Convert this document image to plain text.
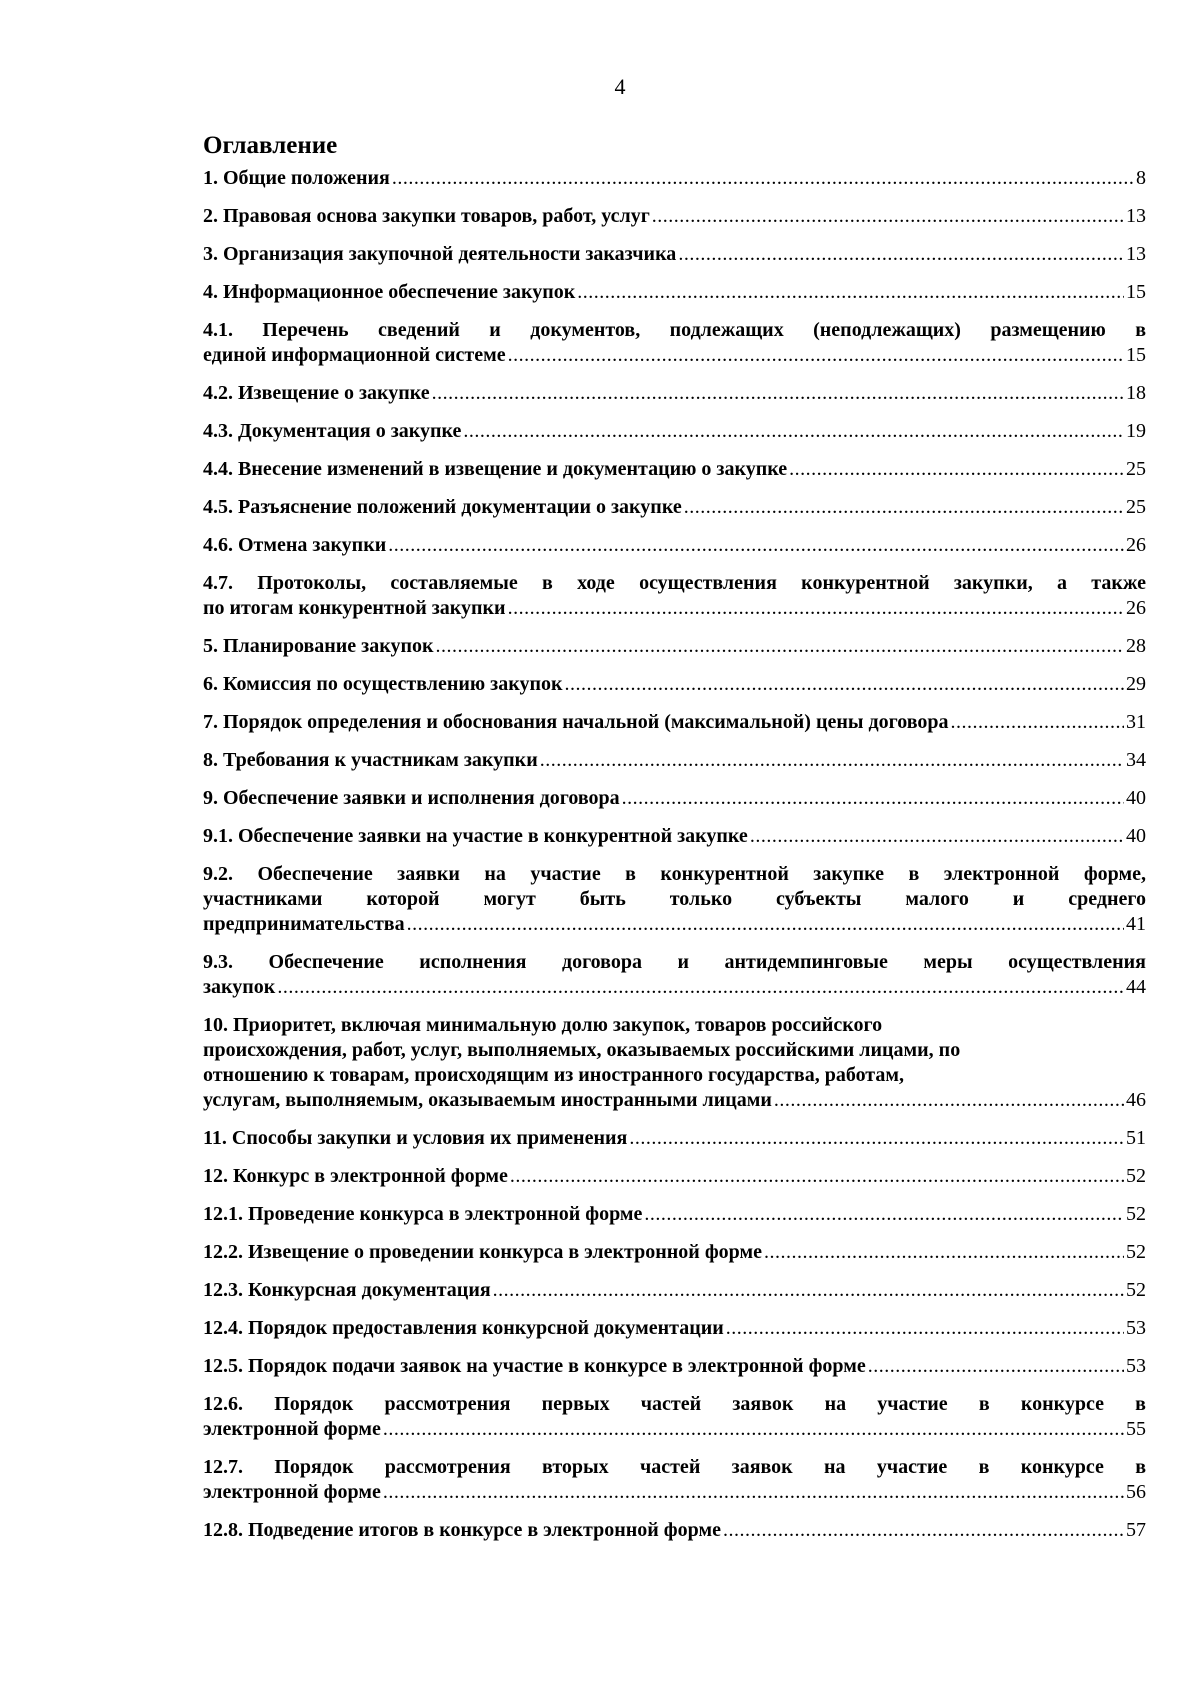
4
Оглавление
1. Общие положения .....	8
2. Правовая основа закупки товаров, работ, услуг .....	13
3. Организация закупочной деятельности заказчика .....	13
4. Информационное обеспечение закупок .....	15
4.1. Перечень сведений и документов, подлежащих (неподлежащих) размещению в
единой информационной системе .....	15
4.2. Извещение о закупке .....	18
4.3. Документация о закупке .....	19
4.4. Внесение изменений в извещение и документацию о закупке .....	25
4.5. Разъяснение положений документации о закупке .....	25
4.6. Отмена закупки .....	26
4.7. Протоколы, составляемые в ходе осуществления конкурентной закупки, а также
по итогам конкурентной закупки .....	26
5. Планирование закупок .....	28
6. Комиссия по осуществлению закупок .....	29
7. Порядок определения и обоснования начальной (максимальной) цены договора .....	31
8. Требования к участникам закупки .....	34
9. Обеспечение заявки и исполнения договора .....	40
9.1. Обеспечение заявки на участие в конкурентной закупке .....	40
9.2. Обеспечение заявки на участие в конкурентной закупке в электронной форме,
участниками которой могут быть только субъекты малого и среднего
предпринимательства .....	41
9.3. Обеспечение исполнения договора и антидемпинговые меры осуществления
закупок .....	44
10. Приоритет, включая минимальную долю закупок, товаров российского
происхождения, работ, услуг, выполняемых, оказываемых российскими лицами, по
отношению к товарам, происходящим из иностранного государства, работам,
услугам, выполняемым, оказываемым иностранными лицами .....	46
11. Способы закупки и условия их применения .....	51
12. Конкурс в электронной форме .....	52
12.1. Проведение конкурса в электронной форме .....	52
12.2. Извещение о проведении конкурса в электронной форме .....	52
12.3. Конкурсная документация .....	52
12.4. Порядок предоставления конкурсной документации .....	53
12.5. Порядок подачи заявок на участие в конкурсе в электронной форме .....	53
12.6. Порядок рассмотрения первых частей заявок на участие в конкурсе в
электронной форме .....	55
12.7. Порядок рассмотрения вторых частей заявок на участие в конкурсе в
электронной форме .....	56
12.8. Подведение итогов в конкурсе в электронной форме .....	57
